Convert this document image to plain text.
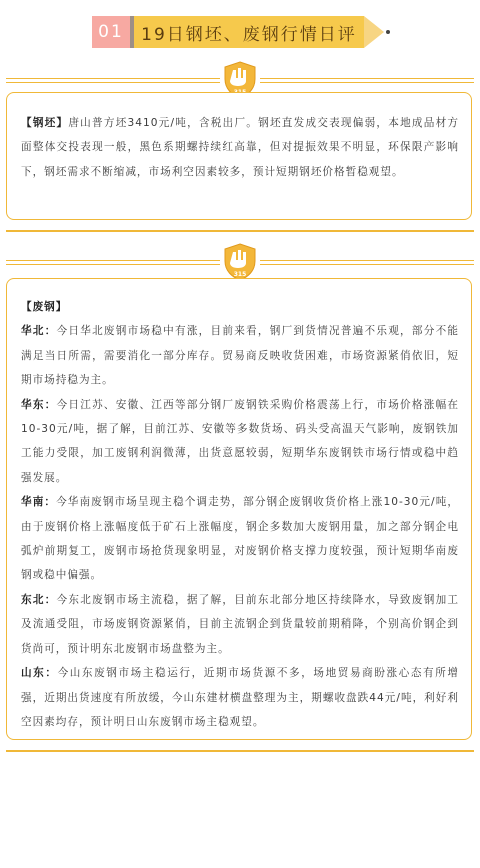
01	19日钢坯、废钢行情日评

【钢坯】唐山普方坯3410元/吨，含税出厂。钢坯直发成交表现偏弱，本地成品材方面整体交投表现一般，黑色系期螺持续红高靠，但对提振效果不明显，环保限产影响下，钢坯需求不断缩减，市场利空因素较多，预计短期钢坯价格暂稳观望。

315

【废钢】

华北：今日华北废钢市场稳中有涨，目前来看，钢厂到货情况普遍不乐观，部分不能满足当日所需，需要消化一部分库存。贸易商反映收货困难，市场资源紧俏依旧，短期市场持稳为主。

华东：今日江苏、安徽、江西等部分钢厂废钢铁采购价格震荡上行，市场价格涨幅在10-30元/吨，据了解，目前江苏、安徽等多数货场、码头受高温天气影响，废钢铁加工能力受限，加工废钢利润微薄，出货意愿较弱，短期华东废钢铁市场行情或稳中趋强发展。

华南：今华南废钢市场呈现主稳个调走势，部分钢企废钢收货价格上涨10-30元/吨，由于废钢价格上涨幅度低于矿石上涨幅度，钢企多数加大废钢用量，加之部分钢企电弧炉前期复工，废钢市场抢货现象明显，对废钢价格支撑力度较强，预计短期华南废钢或稳中偏强。

东北：今东北废钢市场主流稳，据了解，目前东北部分地区持续降水，导致废钢加工及流通受阻，市场废钢资源紧俏，目前主流钢企到货量较前期稍降，个别高价钢企到货尚可，预计明东北废钢市场盘整为主。

山东：今山东废钢市场主稳运行，近期市场货源不多，场地贸易商盼涨心态有所增强，近期出货速度有所放缓，今山东建材横盘整理为主，期螺收盘跌44元/吨，利好利空因素均存，预计明日山东废钢市场主稳观望。
